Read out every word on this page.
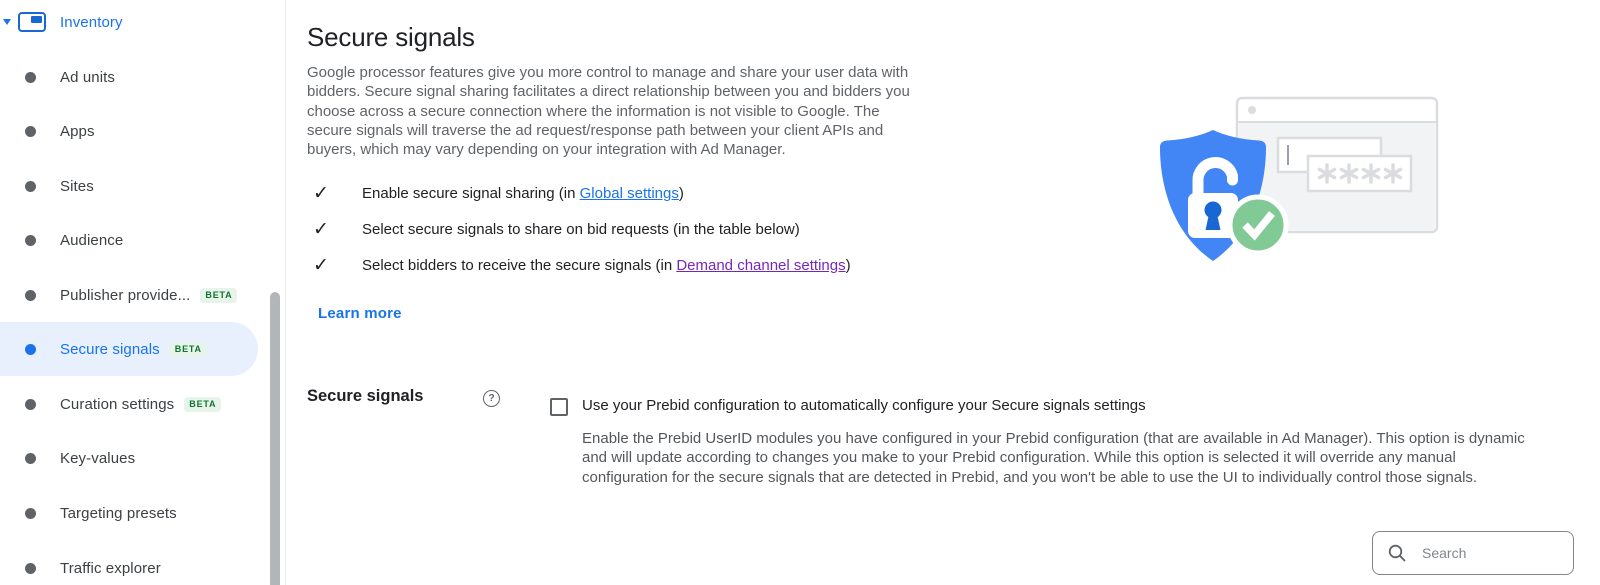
Inventory
Ad units
Apps
Sites
Audience
Publisher provide...	BETA
Secure signals	BETA
Curation settings	BETA
Key-values
Targeting presets
Traffic explorer
Secure signals

Google processor features give you more control to manage and share your user data with bidders. Secure signal sharing facilitates a direct relationship between you and bidders you choose across a secure connection where the information is not visible to Google. The secure signals will traverse the ad request/response path between your client APIs and buyers, which may vary depending on your integration with Ad Manager.

✓	Enable secure signal sharing (in Global settings)
✓	Select secure signals to share on bid requests (in the table below)
✓	Select bidders to receive the secure signals (in Demand channel settings)
Learn more
Secure signals	?	Use your Prebid configuration to automatically configure your Secure signals settings

Enable the Prebid UserID modules you have configured in your Prebid configuration (that are available in Ad Manager). This option is dynamic and will update according to changes you make to your Prebid configuration. While this option is selected it will override any manual configuration for the secure signals that are detected in Prebid, and you won't be able to use the UI to individually control those signals.

Search
